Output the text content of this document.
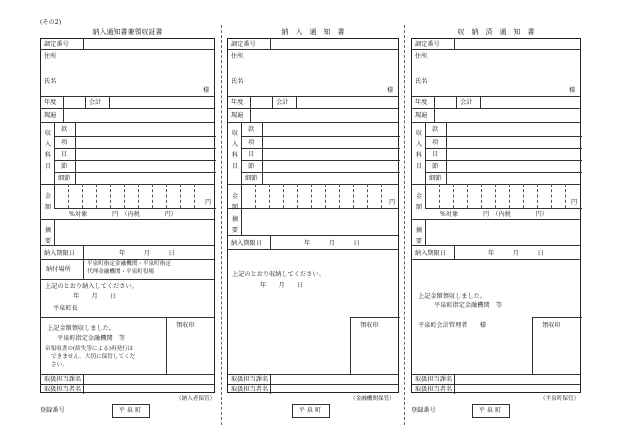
(その2)
納入通知書兼領収証書
調定番号
住所
氏名
様
年度	会計
現遍
収入科目
款
項
目
節
細節
金額
円
%対象　　　　円　（内税　　　　円）
摘要
納入期限日	年　　　月　　　日
納付場所
平泉町指定金融機関・平泉町指定
代理金融機関・平泉町役場
上記のとおり納入してください。
年　　月　　日
平泉町長
領収印
上記金額領収しました。
平泉町指定金融機関　等
帝領収書の(紛失等による)再発行は
できません。大切に保管してくだ
さい。
取扱担当課名
取扱担当者名
（納入者保管）
登録番号	平泉町
納　入　通　知　書
調定番号
住所
氏名
様
年度	会計
現遍
収入科目
款
項
目
節
細節
金額
円
摘要
納入期限日	年　　　月　　　日
上記のとおり収納してください。
年　　月　　日
領収印
取扱担当課名
取扱担当者名
（金融機関保管）
平泉町
収　納　済　通　知　書
調定番号
住所
氏名
様
年度	会計
現遍
収入科目
款
項
目
節
細節
金額
円
%対象　　　　円　（内税　　　　円）
摘要
納入期限日	年　　　月　　　日
上記金額領収しました。
平泉町指定金融機関　等
領収印
平泉町会計管理者　　様
取扱担当課名
取扱担当者名
（平泉町保管）
登録番号	平泉町
